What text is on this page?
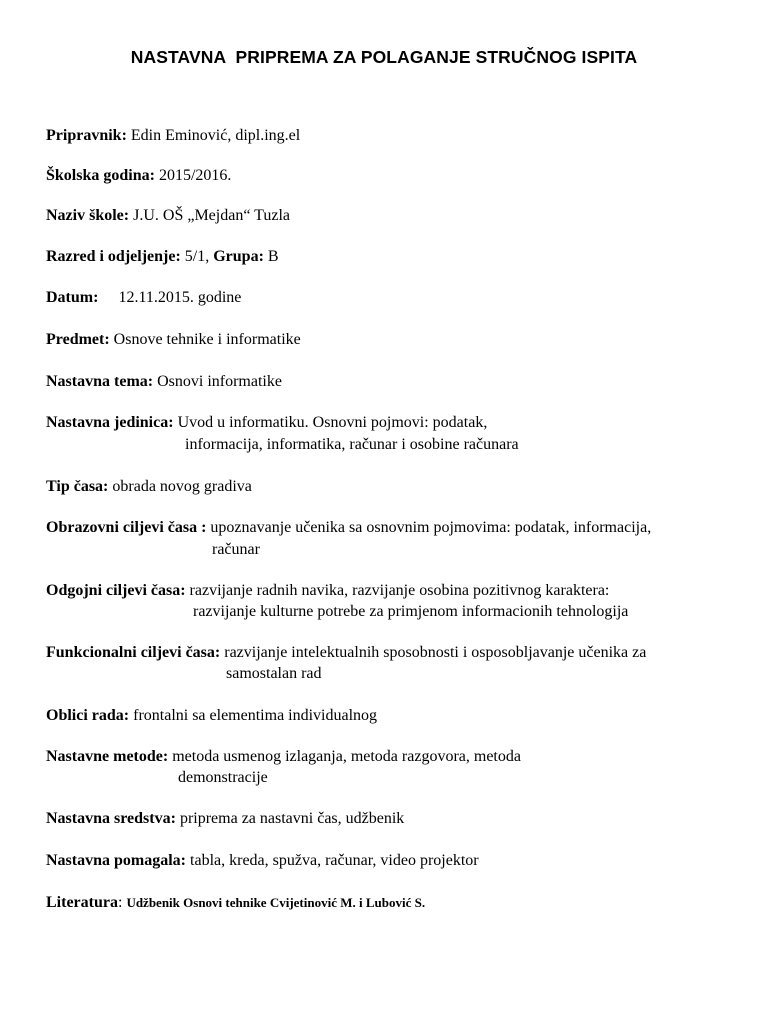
NASTAVNA  PRIPREMA ZA POLAGANJE STRUČNOG ISPITA
Pripravnik: Edin Eminović, dipl.ing.el
Školska godina: 2015/2016.
Naziv škole: J.U. OŠ „Mejdan“ Tuzla
Razred i odjeljenje: 5/1, Grupa: B
Datum: 12.11.2015. godine
Predmet: Osnove tehnike i informatike
Nastavna tema: Osnovi informatike
Nastavna jedinica: Uvod u informatiku. Osnovni pojmovi: podatak,
informacija, informatika, računar i osobine računara
Tip časa: obrada novog gradiva
Obrazovni ciljevi časa : upoznavanje učenika sa osnovnim pojmovima: podatak, informacija,
računar
Odgojni ciljevi časa: razvijanje radnih navika, razvijanje osobina pozitivnog karaktera:
razvijanje kulturne potrebe za primjenom informacionih tehnologija
Funkcionalni ciljevi časa: razvijanje intelektualnih sposobnosti i osposobljavanje učenika za
samostalan rad
Oblici rada: frontalni sa elementima individualnog
Nastavne metode: metoda usmenog izlaganja, metoda razgovora, metoda
demonstracije
Nastavna sredstva: priprema za nastavni čas, udžbenik
Nastavna pomagala: tabla, kreda, spužva, računar, video projektor
Literatura: Udžbenik Osnovi tehnike Cvijetinović M. i Lubović S.
